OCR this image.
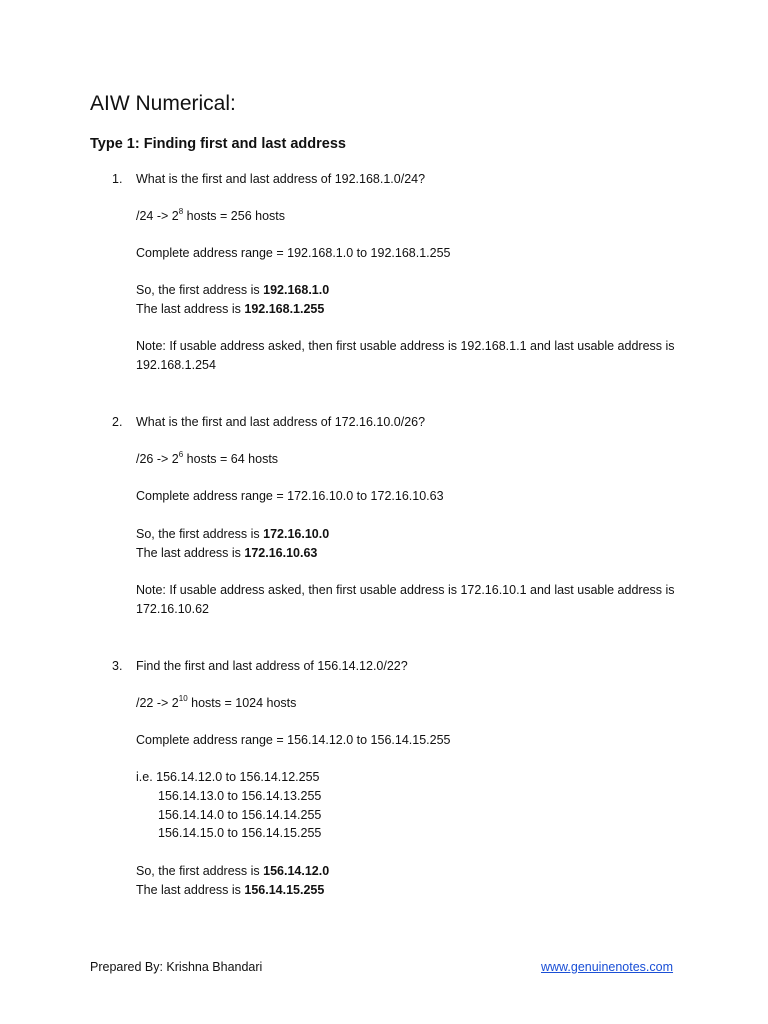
AIW Numerical:
Type 1: Finding first and last address
1. What is the first and last address of 192.168.1.0/24?
$/24 -> 2^8$ hosts = 256 hosts
Complete address range = 192.168.1.0 to 192.168.1.255
So, the first address is 192.168.1.0
The last address is 192.168.1.255
Note: If usable address asked, then first usable address is 192.168.1.1 and last usable address is
192.168.1.254
2. What is the first and last address of 172.16.10.0/26?
$/26 -> 2^6$ hosts = 64 hosts
Complete address range = 172.16.10.0 to 172.16.10.63
So, the first address is 172.16.10.0
The last address is 172.16.10.63
Note: If usable address asked, then first usable address is 172.16.10.1 and last usable address is
172.16.10.62
3. Find the first and last address of 156.14.12.0/22?
$/22 -> 2^{10}$ hosts = 1024 hosts
Complete address range = 156.14.12.0 to 156.14.15.255
i.e. 156.14.12.0 to 156.14.12.255
156.14.13.0 to 156.14.13.255
156.14.14.0 to 156.14.14.255
156.14.15.0 to 156.14.15.255
So, the first address is 156.14.12.0
The last address is 156.14.15.255
Prepared By: Krishna Bhandari	www.genuinenotes.com
